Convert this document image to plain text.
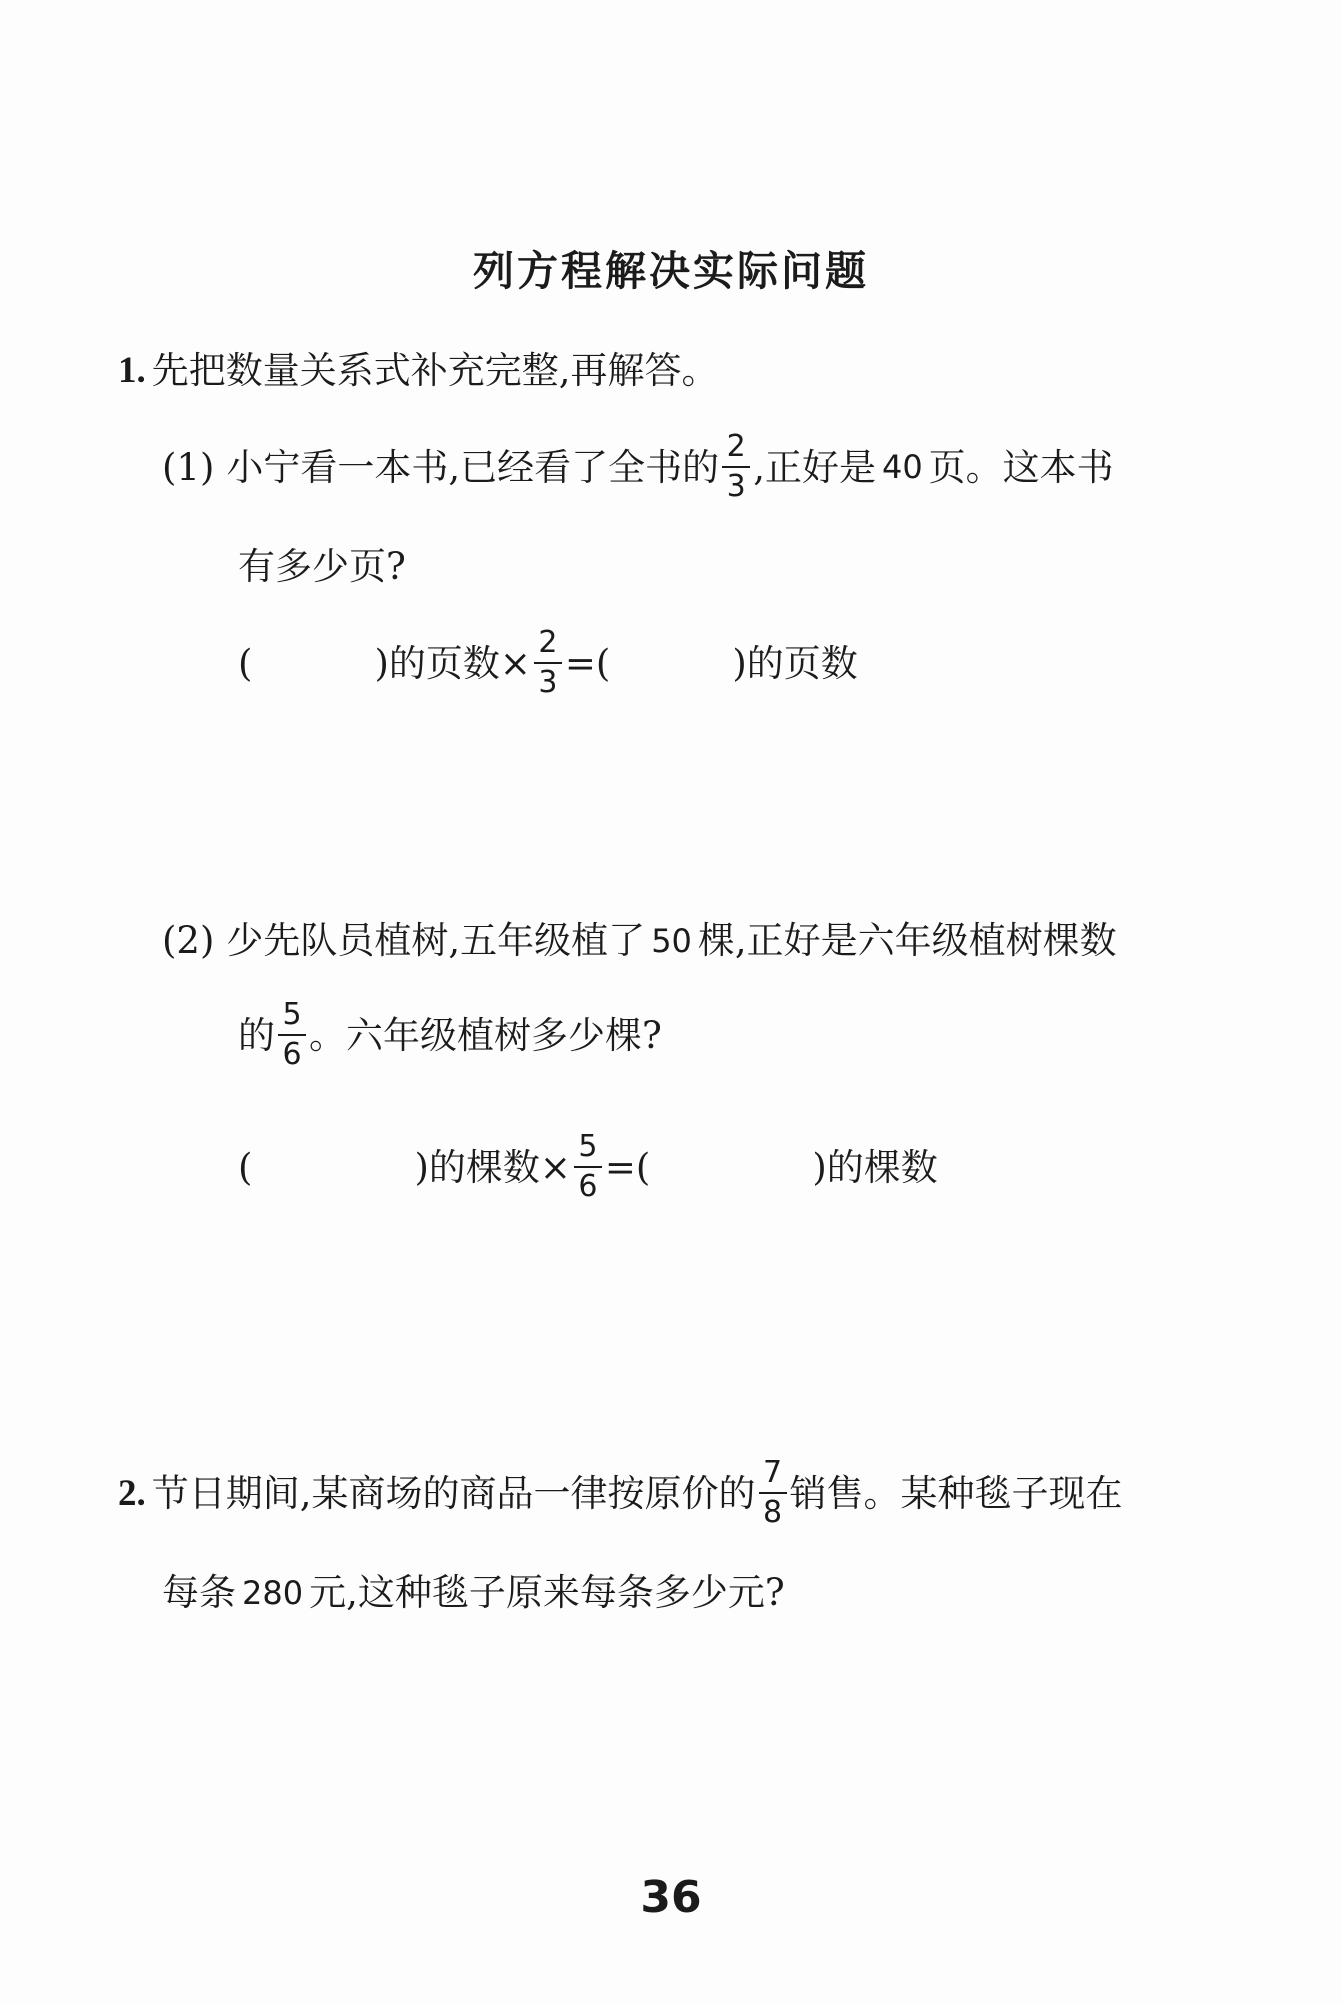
列方程解决实际问题
1. 先把数量关系式补充完整,再解答。
(1) 小宁看一本书,已经看了全书的 $\frac{2}{3}$ ,正好是 40 页。这本书
有多少页?
(	)的页数× $\frac{2}{3}$ =(	)的页数
(2) 少先队员植树,五年级植了 50 棵,正好是六年级植树棵数
的 $\frac{5}{6}$ 。六年级植树多少棵?
(	)的棵数× $\frac{5}{6}$ =(	)的棵数
2. 节日期间,某商场的商品一律按原价的 $\frac{7}{8}$ 销售。某种毯子现在
每条 280 元,这种毯子原来每条多少元?
36
